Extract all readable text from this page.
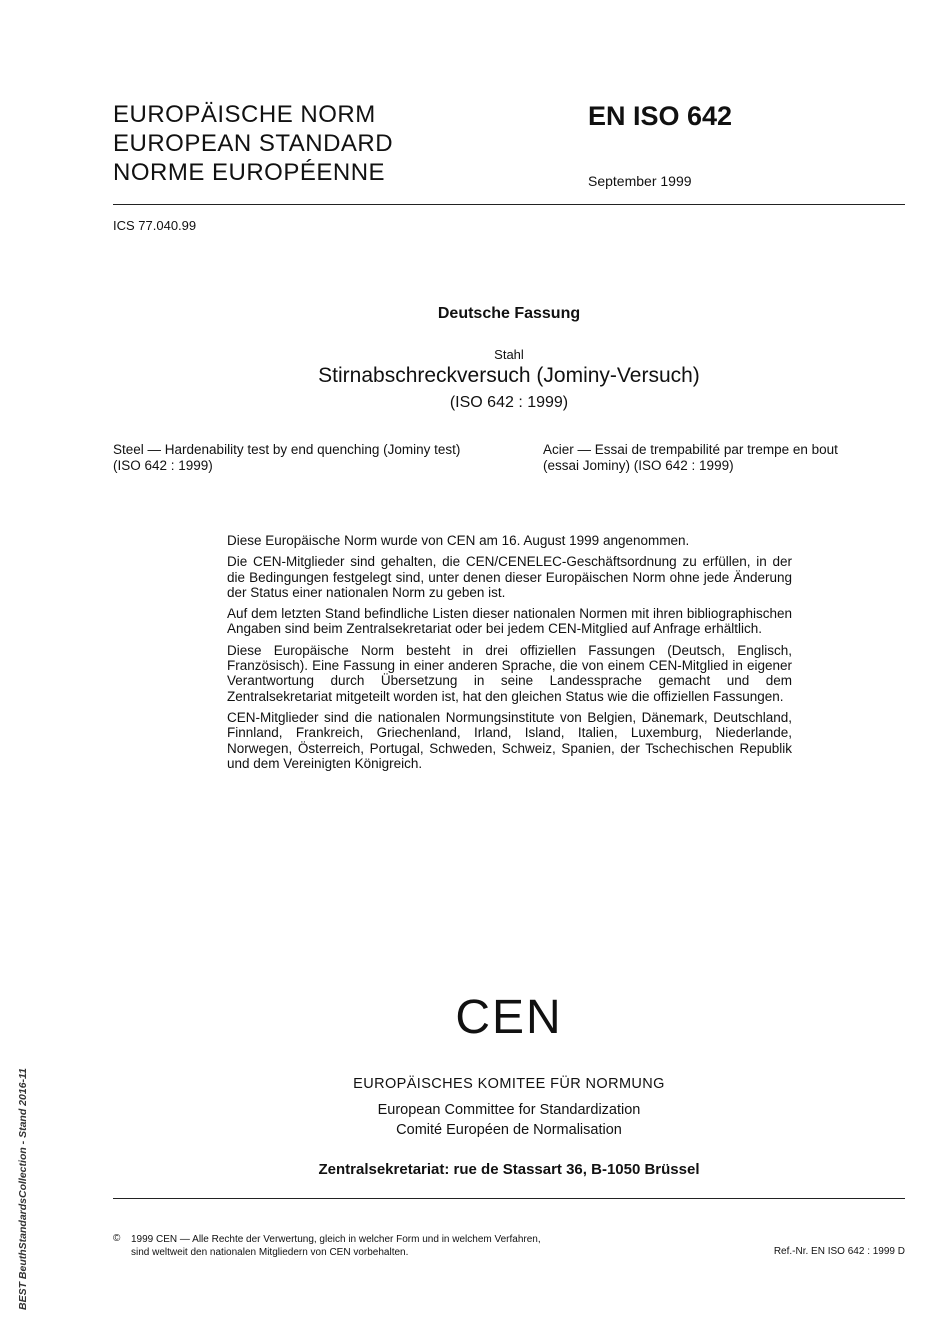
EUROPÄISCHE NORM
EUROPEAN STANDARD
NORME EUROPÉENNE
EN ISO 642
September 1999
ICS 77.040.99
Deutsche Fassung
Stahl
Stirnabschreckversuch (Jominy-Versuch)
(ISO 642 : 1999)
Steel — Hardenability test by end quenching (Jominy test)
(ISO 642 : 1999)
Acier — Essai de trempabilité par trempe en bout
(essai Jominy) (ISO 642 : 1999)

Diese Europäische Norm wurde von CEN am 16. August 1999 angenommen.

Die CEN-Mitglieder sind gehalten, die CEN/CENELEC-Geschäftsordnung zu erfüllen, in der die Bedingungen festgelegt sind, unter denen dieser Europäischen Norm ohne jede Änderung der Status einer nationalen Norm zu geben ist.

Auf dem letzten Stand befindliche Listen dieser nationalen Normen mit ihren bibliographischen Angaben sind beim Zentralsekretariat oder bei jedem CEN-Mitglied auf Anfrage erhältlich.

Diese Europäische Norm besteht in drei offiziellen Fassungen (Deutsch, Englisch, Französisch). Eine Fassung in einer anderen Sprache, die von einem CEN-Mitglied in eigener Verantwortung durch Übersetzung in seine Landessprache gemacht und dem Zentralsekretariat mitgeteilt worden ist, hat den gleichen Status wie die offiziellen Fassungen.

CEN-Mitglieder sind die nationalen Normungsinstitute von Belgien, Dänemark, Deutschland, Finnland, Frankreich, Griechenland, Irland, Island, Italien, Luxemburg, Niederlande, Norwegen, Österreich, Portugal, Schweden, Schweiz, Spanien, der Tschechischen Republik und dem Vereinigten Königreich.

CEN
EUROPÄISCHES KOMITEE FÜR NORMUNG
European Committee for Standardization
Comité Européen de Normalisation
Zentralsekretariat: rue de Stassart 36, B-1050 Brüssel
© 1999 CEN — Alle Rechte der Verwertung, gleich in welcher Form und in welchem Verfahren,
sind weltweit den nationalen Mitgliedern von CEN vorbehalten.	Ref.-Nr. EN ISO 642 : 1999 D
BEST BeuthStandardsCollection - Stand 2016-11
